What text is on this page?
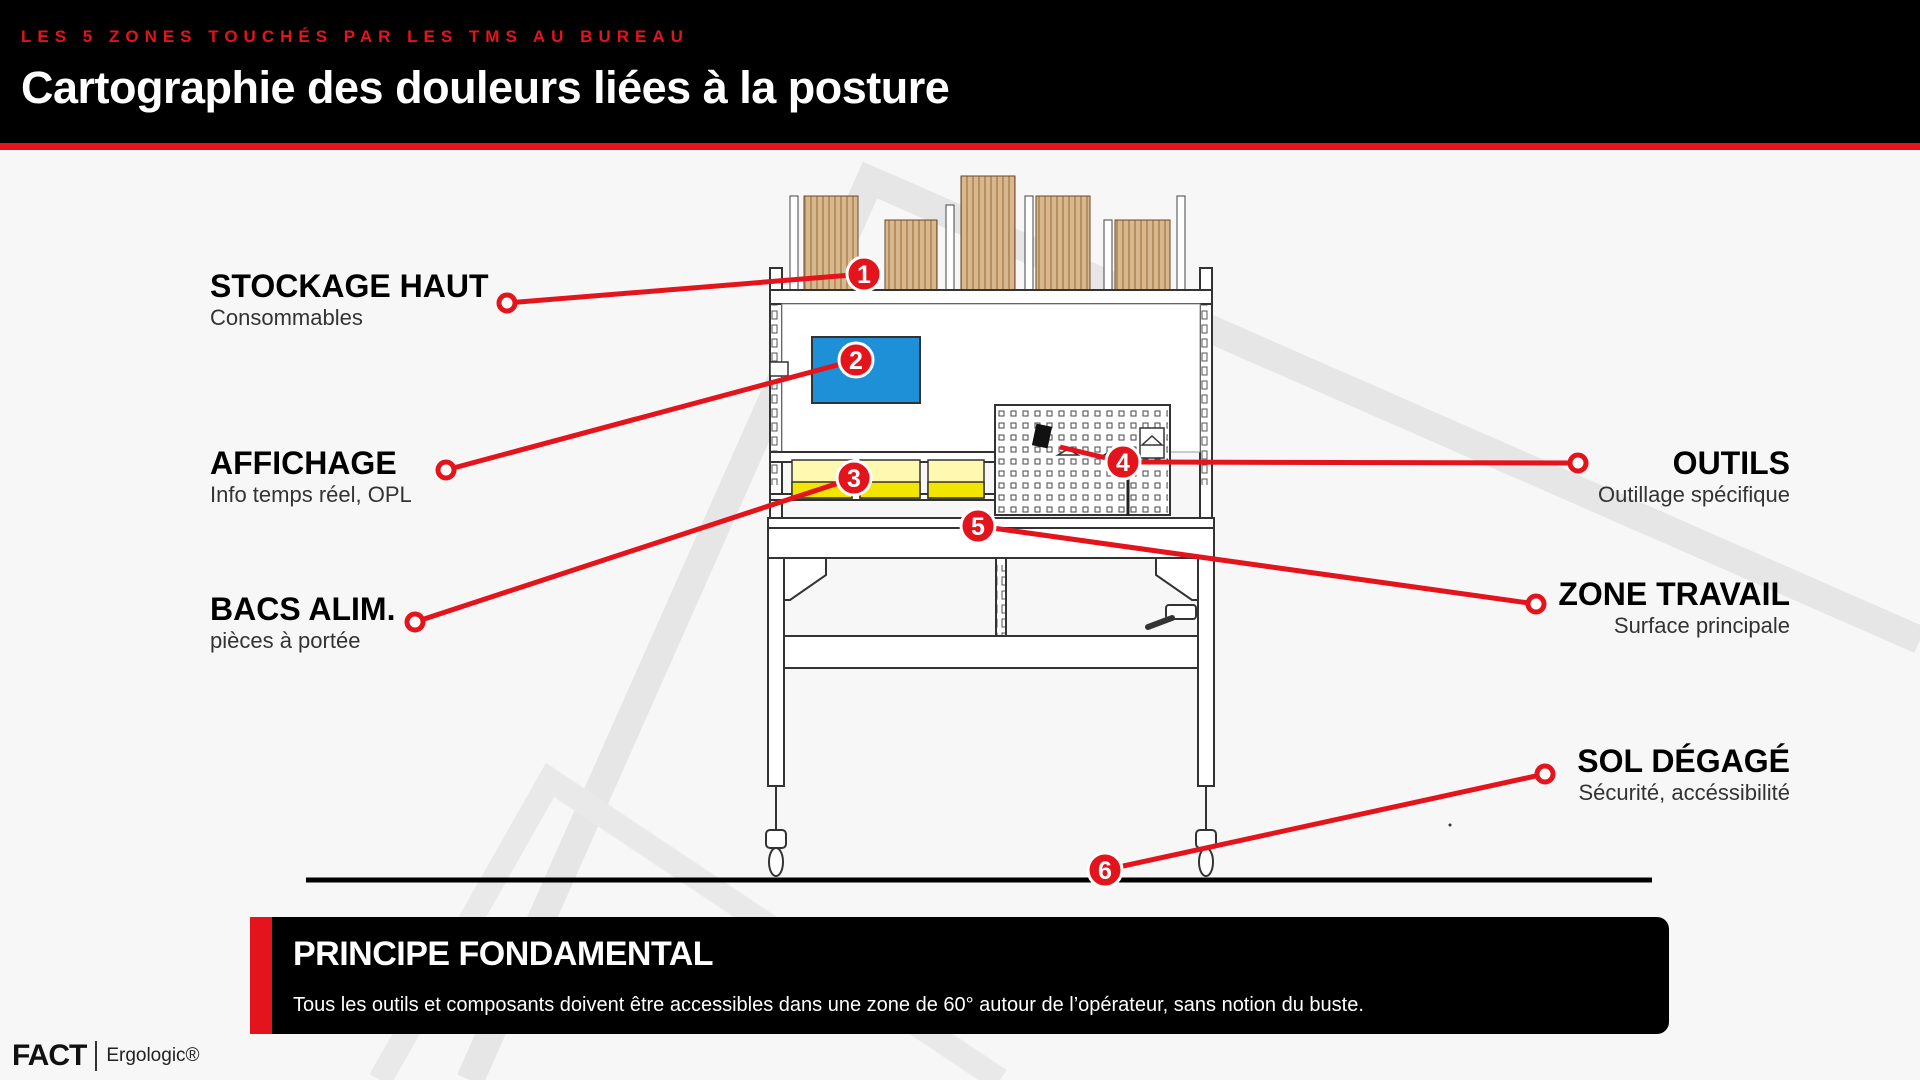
LES 5 ZONES TOUCHÉS PAR LES TMS AU BUREAU
Cartographie des douleurs liées à la posture
1
2
3
4
5
6
STOCKAGE HAUT
Consommables
AFFICHAGE
Info temps réel, OPL
BACS ALIM.
pièces à portée
OUTILS
Outillage spécifique
ZONE TRAVAIL
Surface principale
SOL DÉGAGÉ
Sécurité, accéssibilité
PRINCIPE FONDAMENTAL
Tous les outils et composants doivent être accessibles dans une zone de 60° autour de l’opérateur, sans notion du buste.
FACT Ergologic®
